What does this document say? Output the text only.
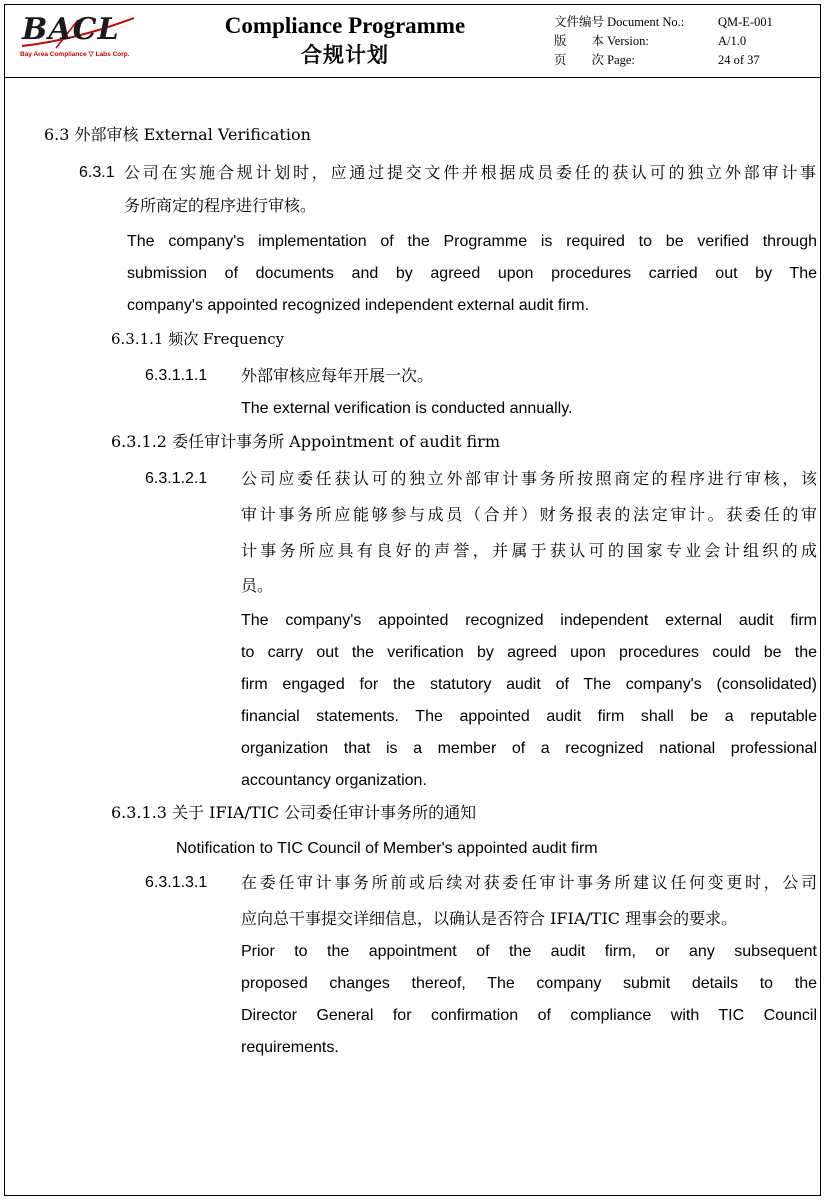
BACL
Bay Area Compliance ▽ Labs Corp.
Compliance Programme
合规计划
文件编号 Document No.:	QM-E-001
版　　本 Version:	A/1.0
页　　次 Page:	24 of 37
6.3 外部审核 External Verification
6.3.1 公司在实施合规计划时，应通过提交文件并根据成员委任的获认可的独立外部审计事
务所商定的程序进行审核。
The company's implementation of the Programme is required to be verified through
submission of documents and by agreed upon procedures carried out by The
company's appointed recognized independent external audit firm.
6.3.1.1 频次 Frequency
6.3.1.1.1 外部审核应每年开展一次。
The external verification is conducted annually.
6.3.1.2 委任审计事务所 Appointment of audit firm
6.3.1.2.1 公司应委任获认可的独立外部审计事务所按照商定的程序进行审核，该
审计事务所应能够参与成员（合并）财务报表的法定审计。获委任的审
计事务所应具有良好的声誉，并属于获认可的国家专业会计组织的成
员。
The company's appointed recognized independent external audit firm
to carry out the verification by agreed upon procedures could be the
firm engaged for the statutory audit of The company's (consolidated)
financial statements. The appointed audit firm shall be a reputable
organization that is a member of a recognized national professional
accountancy organization.
6.3.1.3 关于 IFIA/TIC 公司委任审计事务所的通知
Notification to TIC Council of Member's appointed audit firm
6.3.1.3.1 在委任审计事务所前或后续对获委任审计事务所建议任何变更时，公司
应向总干事提交详细信息，以确认是否符合 IFIA/TIC 理事会的要求。
Prior to the appointment of the audit firm, or any subsequent
proposed changes thereof, The company submit details to the
Director General for confirmation of compliance with TIC Council
requirements.
